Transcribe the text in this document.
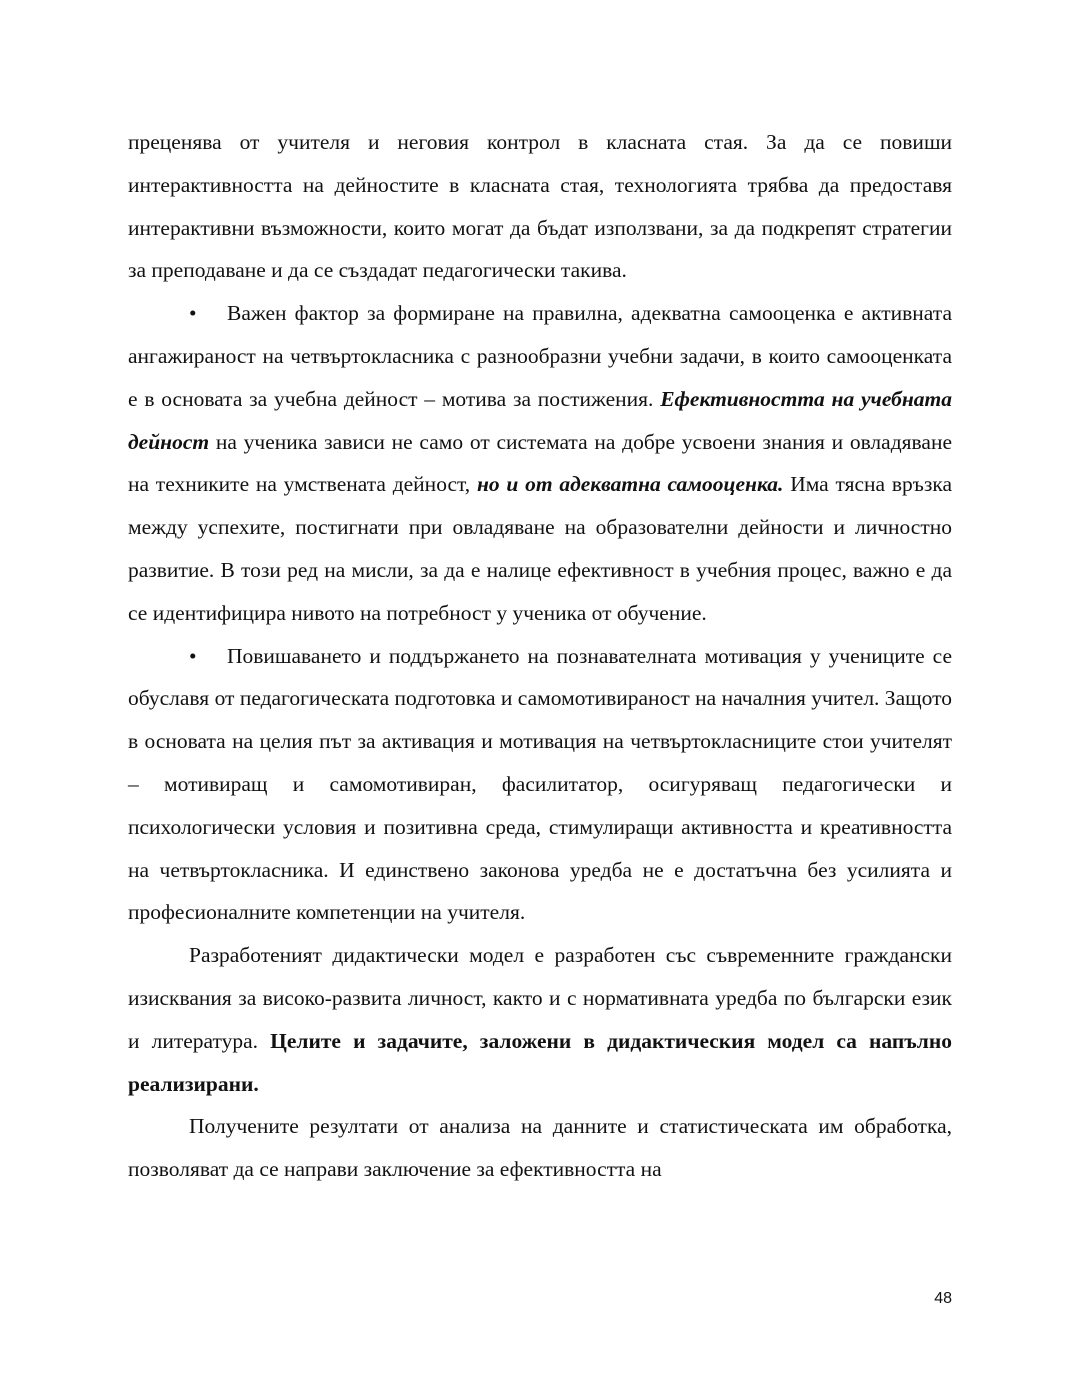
преценява от учителя и неговия контрол в класната стая. За да се повиши интерактивността на дейностите в класната стая, технологията трябва да предоставя интерактивни възможности, които могат да бъдат използвани, за да подкрепят стратегии за преподаване и да се създадат педагогически такива.

• Важен фактор за формиране на правилна, адекватна самооценка е активната ангажираност на четвъртокласника с разнообразни учебни задачи, в които самооценката е в основата за учебна дейност – мотива за постижения. Ефективността на учебната дейност на ученика зависи не само от системата на добре усвоени знания и овладяване на техниките на умствената дейност, но и от адекватна самооценка. Има тясна връзка между успехите, постигнати при овладяване на образователни дейности и личностно развитие. В този ред на мисли, за да е налице ефективност в учебния процес, важно е да се идентифицира нивото на потребност у ученика от обучение.

• Повишаването и поддържането на познавателната мотивация у учениците се обуславя от педагогическата подготовка и самомотивираност на началния учител. Защото в основата на целия път за активация и мотивация на четвъртокласниците стои учителят – мотивиращ и самомотивиран, фасилитатор, осигуряващ педагогически и психологически условия и позитивна среда, стимулиращи активността и креативността на четвъртокласника. И единствено законова уредба не е достатъчна без усилията и професионалните компетенции на учителя.

Разработеният дидактически модел е разработен със съвременните граждански изисквания за високо-развита личност, както и с нормативната уредба по български език и литература. Целите и задачите, заложени в дидактическия модел са напълно реализирани.

Получените резултати от анализа на данните и статистическата им обработка, позволяват да се направи заключение за ефективността на

48
